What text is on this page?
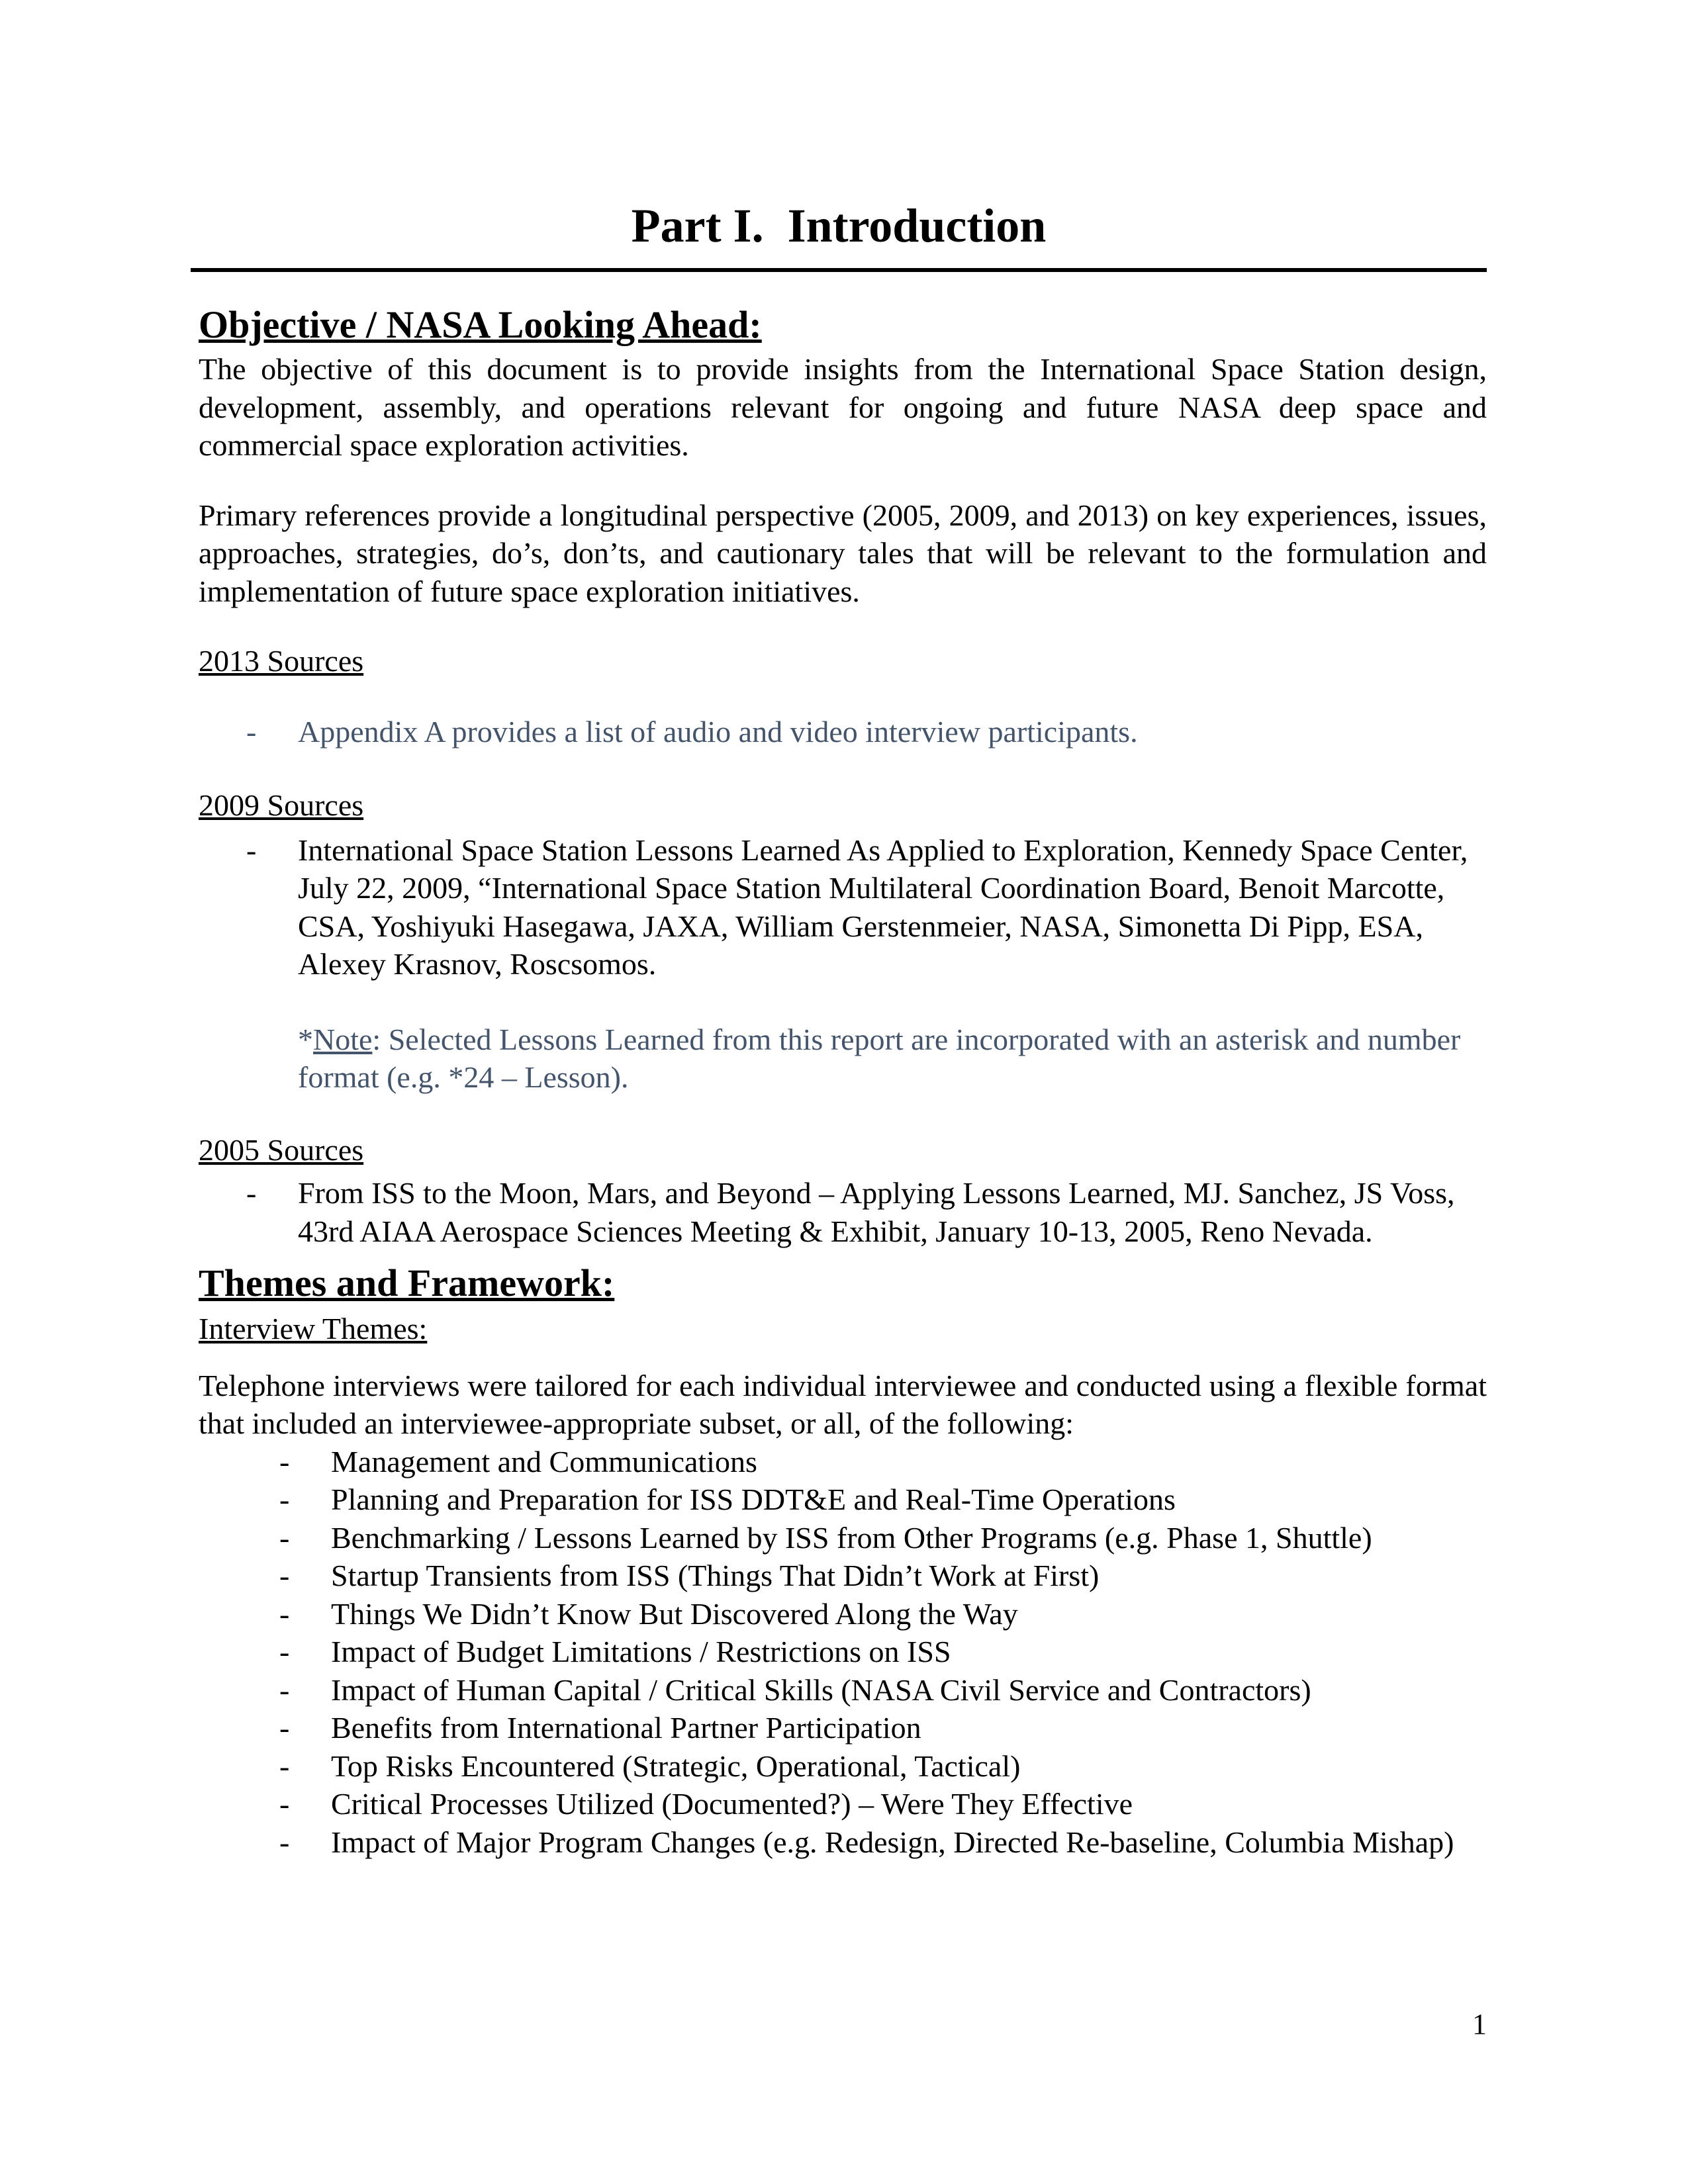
Part I.  Introduction
Objective / NASA Looking Ahead:

The objective of this document is to provide insights from the International Space Station design, development, assembly, and operations relevant for ongoing and future NASA deep space and commercial space exploration activities.

Primary references provide a longitudinal perspective (2005, 2009, and 2013) on key experiences, issues, approaches, strategies, do’s, don’ts, and cautionary tales that will be relevant to the formulation and implementation of future space exploration initiatives.

2013 Sources

- Appendix A provides a list of audio and video interview participants.

2009 Sources

- International Space Station Lessons Learned As Applied to Exploration, Kennedy Space Center, July 22, 2009, “International Space Station Multilateral Coordination Board, Benoit Marcotte, CSA, Yoshiyuki Hasegawa, JAXA, William Gerstenmeier, NASA, Simonetta Di Pipp, ESA, Alexey Krasnov, Roscsomos.

*Note: Selected Lessons Learned from this report are incorporated with an asterisk and number format (e.g. *24 – Lesson).

2005 Sources

- From ISS to the Moon, Mars, and Beyond – Applying Lessons Learned, MJ. Sanchez, JS Voss, 43rd AIAA Aerospace Sciences Meeting & Exhibit, January 10-13, 2005, Reno Nevada.
Themes and Framework:

Interview Themes:

Telephone interviews were tailored for each individual interviewee and conducted using a flexible format that included an interviewee-appropriate subset, or all, of the following:

- Management and Communications
- Planning and Preparation for ISS DDT&E and Real-Time Operations
- Benchmarking / Lessons Learned by ISS from Other Programs (e.g. Phase 1, Shuttle)
- Startup Transients from ISS (Things That Didn’t Work at First)
- Things We Didn’t Know But Discovered Along the Way
- Impact of Budget Limitations / Restrictions on ISS
- Impact of Human Capital / Critical Skills (NASA Civil Service and Contractors)
- Benefits from International Partner Participation
- Top Risks Encountered (Strategic, Operational, Tactical)
- Critical Processes Utilized (Documented?) – Were They Effective
- Impact of Major Program Changes (e.g. Redesign, Directed Re-baseline, Columbia Mishap)
1
